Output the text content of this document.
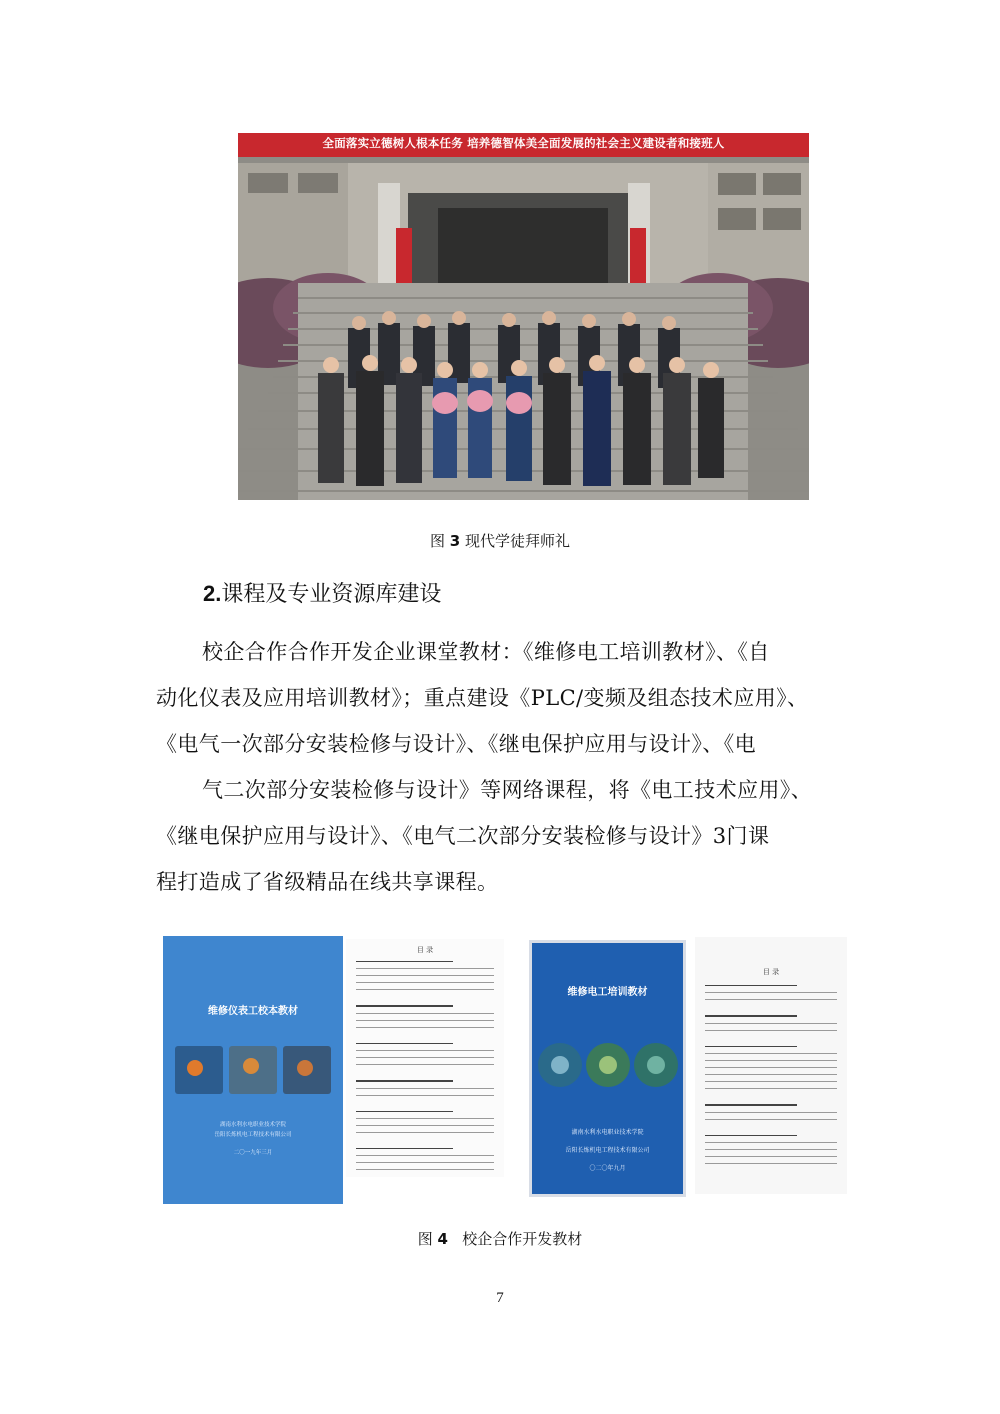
全面落实立德树人根本任务 培养德智体美全面发展的社会主义建设者和接班人
图 3 现代学徒拜师礼
2.课程及专业资源库建设
校企合作合作开发企业课堂教材：《维修电工培训教材》、《自
动化仪表及应用培训教材》；重点建设《PLC/变频及组态技术应用》、
《电气一次部分安装检修与设计》、《继电保护应用与设计》、《电
气二次部分安装检修与设计》等网络课程，将《电工技术应用》、
《继电保护应用与设计》、《电气二次部分安装检修与设计》3门课
程打造成了省级精品在线共享课程。
维修仪表工校本教材
湖南水利水电职业技术学院
岳阳长炼机电工程技术有限公司
二〇一九年三月
目 录
维修电工培训教材
湖南水利水电职业技术学院
岳阳长炼机电工程技术有限公司
〇二〇年九月
目 录
图 4 校企合作开发教材
7
